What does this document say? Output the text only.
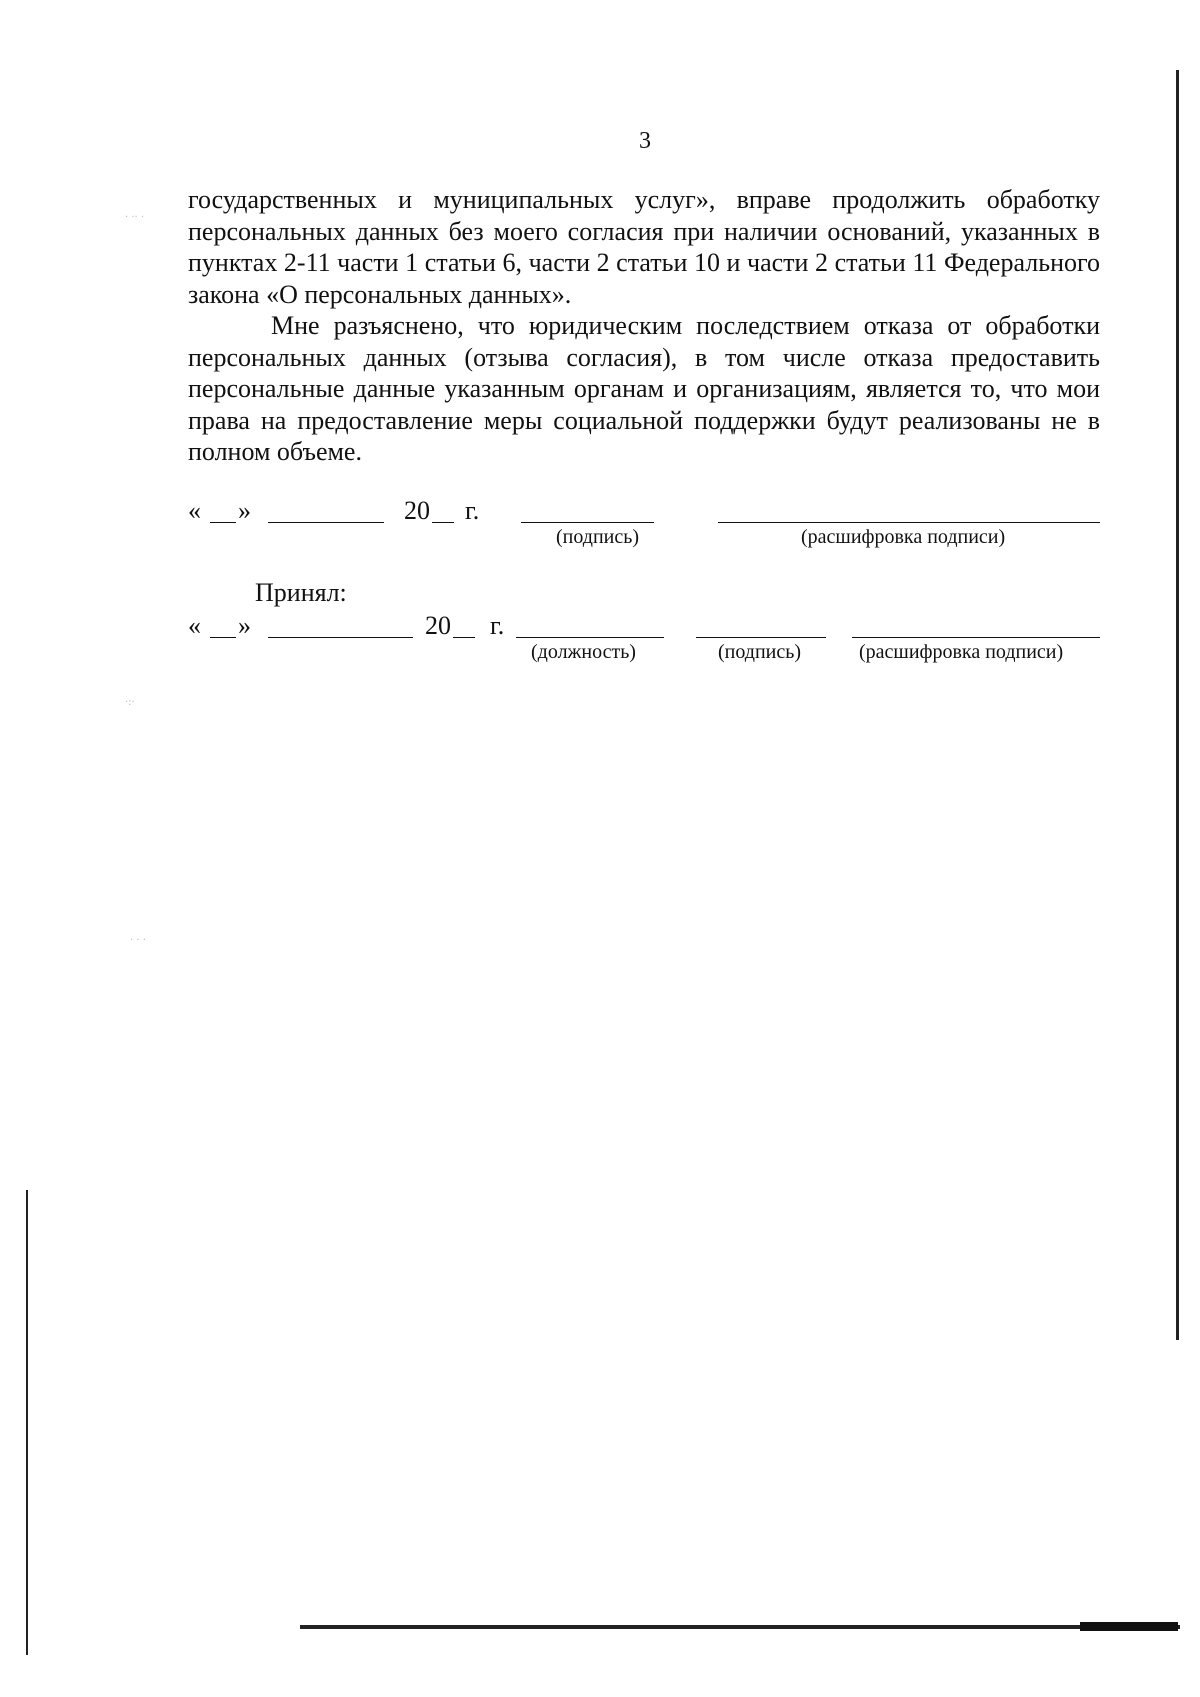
· ·· ·
·:·
· · ·
3

государственных и муниципальных услуг», вправе продолжить обработку персональных данных без моего согласия при наличии оснований, указанных в пунктах 2-11 части 1 статьи 6, части 2 статьи 10 и части 2 статьи 11 Федерального закона «О персональных данных».

Мне разъяснено, что юридическим последствием отказа от обработки персональных данных (отзыва согласия), в том числе отказа предоставить персональные данные указанным органам и организациям, является то, что мои права на предоставление меры социальной поддержки будут реализованы не в полном объеме.

« »	20 г.
(подпись)	(расшифровка подписи)
Принял:
« »	20 г.
(должность)	(подпись)	(расшифровка подписи)
